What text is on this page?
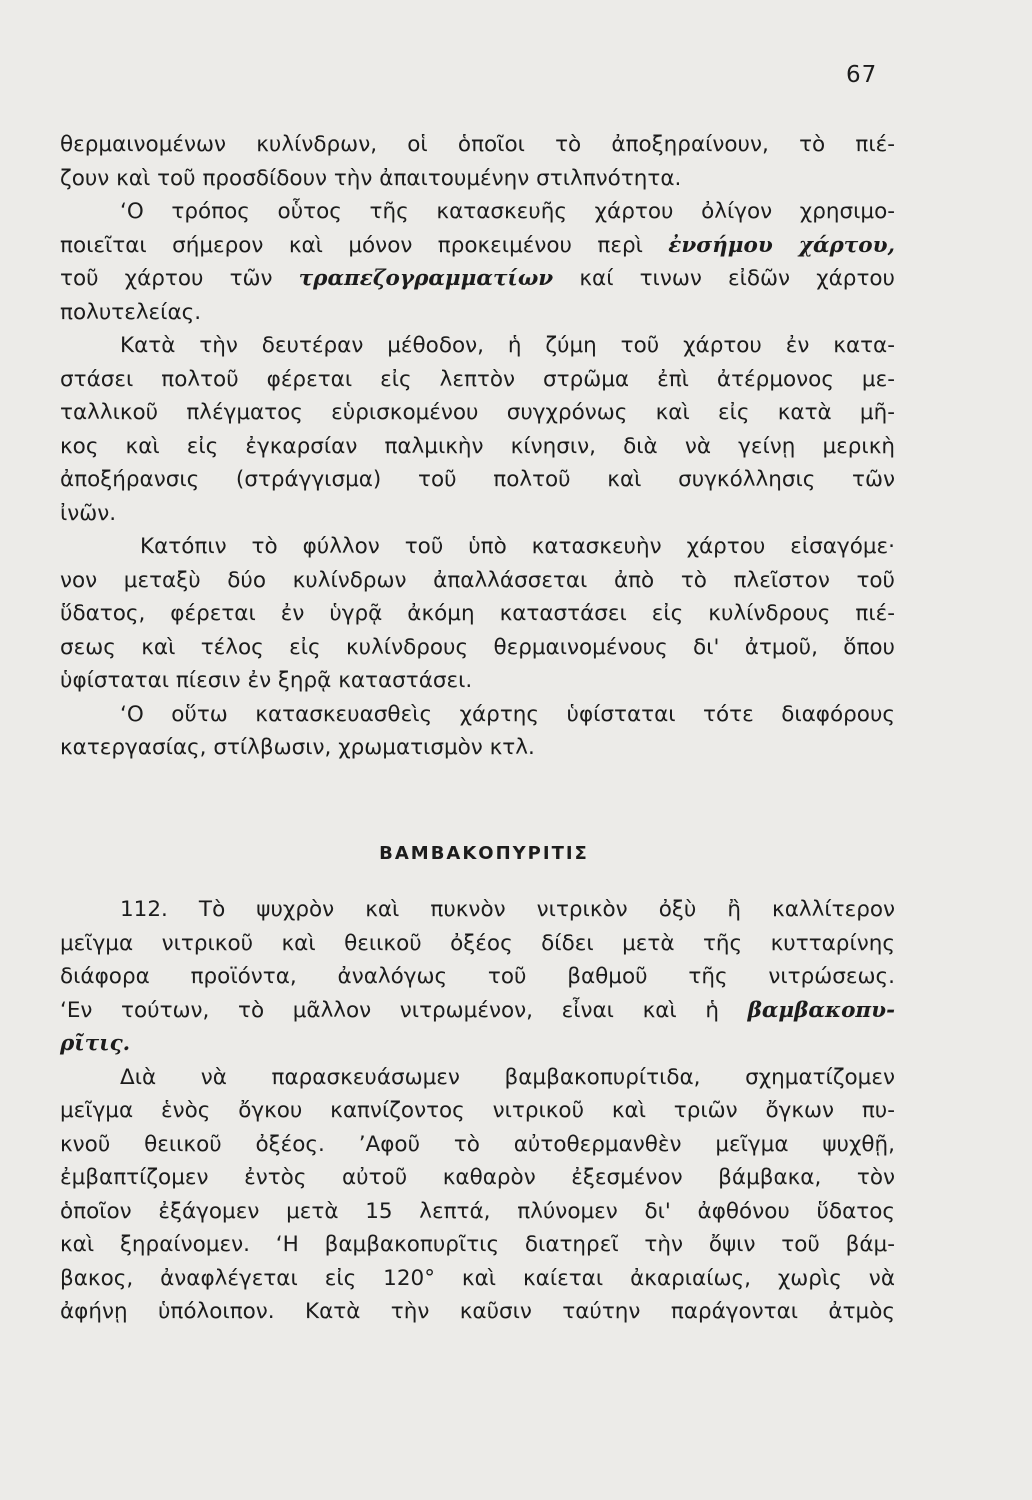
67
θερμαινομένων κυλίνδρων, οἱ ὁποῖοι τὸ ἀποξηραίνουν, τὸ πιέ-
ζουν καὶ τοῦ προσδίδουν τὴν ἀπαιτουμένην στιλπνότητα.
‘Ο τρόπος οὗτος τῆς κατασκευῆς χάρτου ὀλίγον χρησιμο-
ποιεῖται σήμερον καὶ μόνον προκειμένου περὶ ἐνσήμου χάρτου,
τοῦ χάρτου τῶν τραπεζογραμματίων καί τινων εἰδῶν χάρτου
πολυτελείας.
Κατὰ τὴν δευτέραν μέθοδον, ἡ ζύμη τοῦ χάρτου ἐν κατα-
στάσει πολτοῦ φέρεται εἰς λεπτὸν στρῶμα ἐπὶ ἀτέρμονος με-
ταλλικοῦ πλέγματος εὑρισκομένου συγχρόνως καὶ εἰς κατὰ μῆ-
κος καὶ εἰς ἐγκαρσίαν παλμικὴν κίνησιν, διὰ νὰ γείνῃ μερικὴ
ἀποξήρανσις (στράγγισμα) τοῦ πολτοῦ καὶ συγκόλλησις τῶν
ἰνῶν.
Κατόπιν τὸ φύλλον τοῦ ὑπὸ κατασκευὴν χάρτου εἰσαγόμε·
νον μεταξὺ δύο κυλίνδρων ἀπαλλάσσεται ἀπὸ τὸ πλεῖστον τοῦ
ὕδατος, φέρεται ἐν ὑγρᾷ ἀκόμη καταστάσει εἰς κυλίνδρους πιέ-
σεως καὶ τέλος εἰς κυλίνδρους θερμαινομένους δι' ἀτμοῦ, ὅπου
ὑφίσταται πίεσιν ἐν ξηρᾷ καταστάσει.
‘Ο οὕτω κατασκευασθεὶς χάρτης ὑφίσταται τότε διαφόρους
κατεργασίας, στίλβωσιν, χρωματισμὸν κτλ.
ΒΑΜΒΑΚΟΠΥΡΙΤΙΣ
112. Τὸ ψυχρὸν καὶ πυκνὸν νιτρικὸν ὀξὺ ἢ καλλίτερον
μεῖγμα νιτρικοῦ καὶ θειικοῦ ὀξέος δίδει μετὰ τῆς κυτταρίνης
διάφορα προϊόντα, ἀναλόγως τοῦ βαθμοῦ τῆς νιτρώσεως.
‘Εν τούτων, τὸ μᾶλλον νιτρωμένον, εἶναι καὶ ἡ βαμβακοπυ-
ρῖτις.
Διὰ νὰ παρασκευάσωμεν βαμβακοπυρίτιδα, σχηματίζομεν
μεῖγμα ἑνὸς ὄγκου καπνίζοντος νιτρικοῦ καὶ τριῶν ὄγκων πυ-
κνοῦ θειικοῦ ὀξέος. ’Αφοῦ τὸ αὐτοθερμανθὲν μεῖγμα ψυχθῇ,
ἐμβαπτίζομεν ἐντὸς αὐτοῦ καθαρὸν ἐξεσμένον βάμβακα, τὸν
ὁποῖον ἐξάγομεν μετὰ 15 λεπτά, πλύνομεν δι' ἀφθόνου ὕδατος
καὶ ξηραίνομεν. ‘Η βαμβακοπυρῖτις διατηρεῖ τὴν ὄψιν τοῦ βάμ-
βακος, ἀναφλέγεται εἰς 120° καὶ καίεται ἀκαριαίως, χωρὶς νὰ
ἀφήνῃ ὑπόλοιπον. Κατὰ τὴν καῦσιν ταύτην παράγονται ἀτμὸς
